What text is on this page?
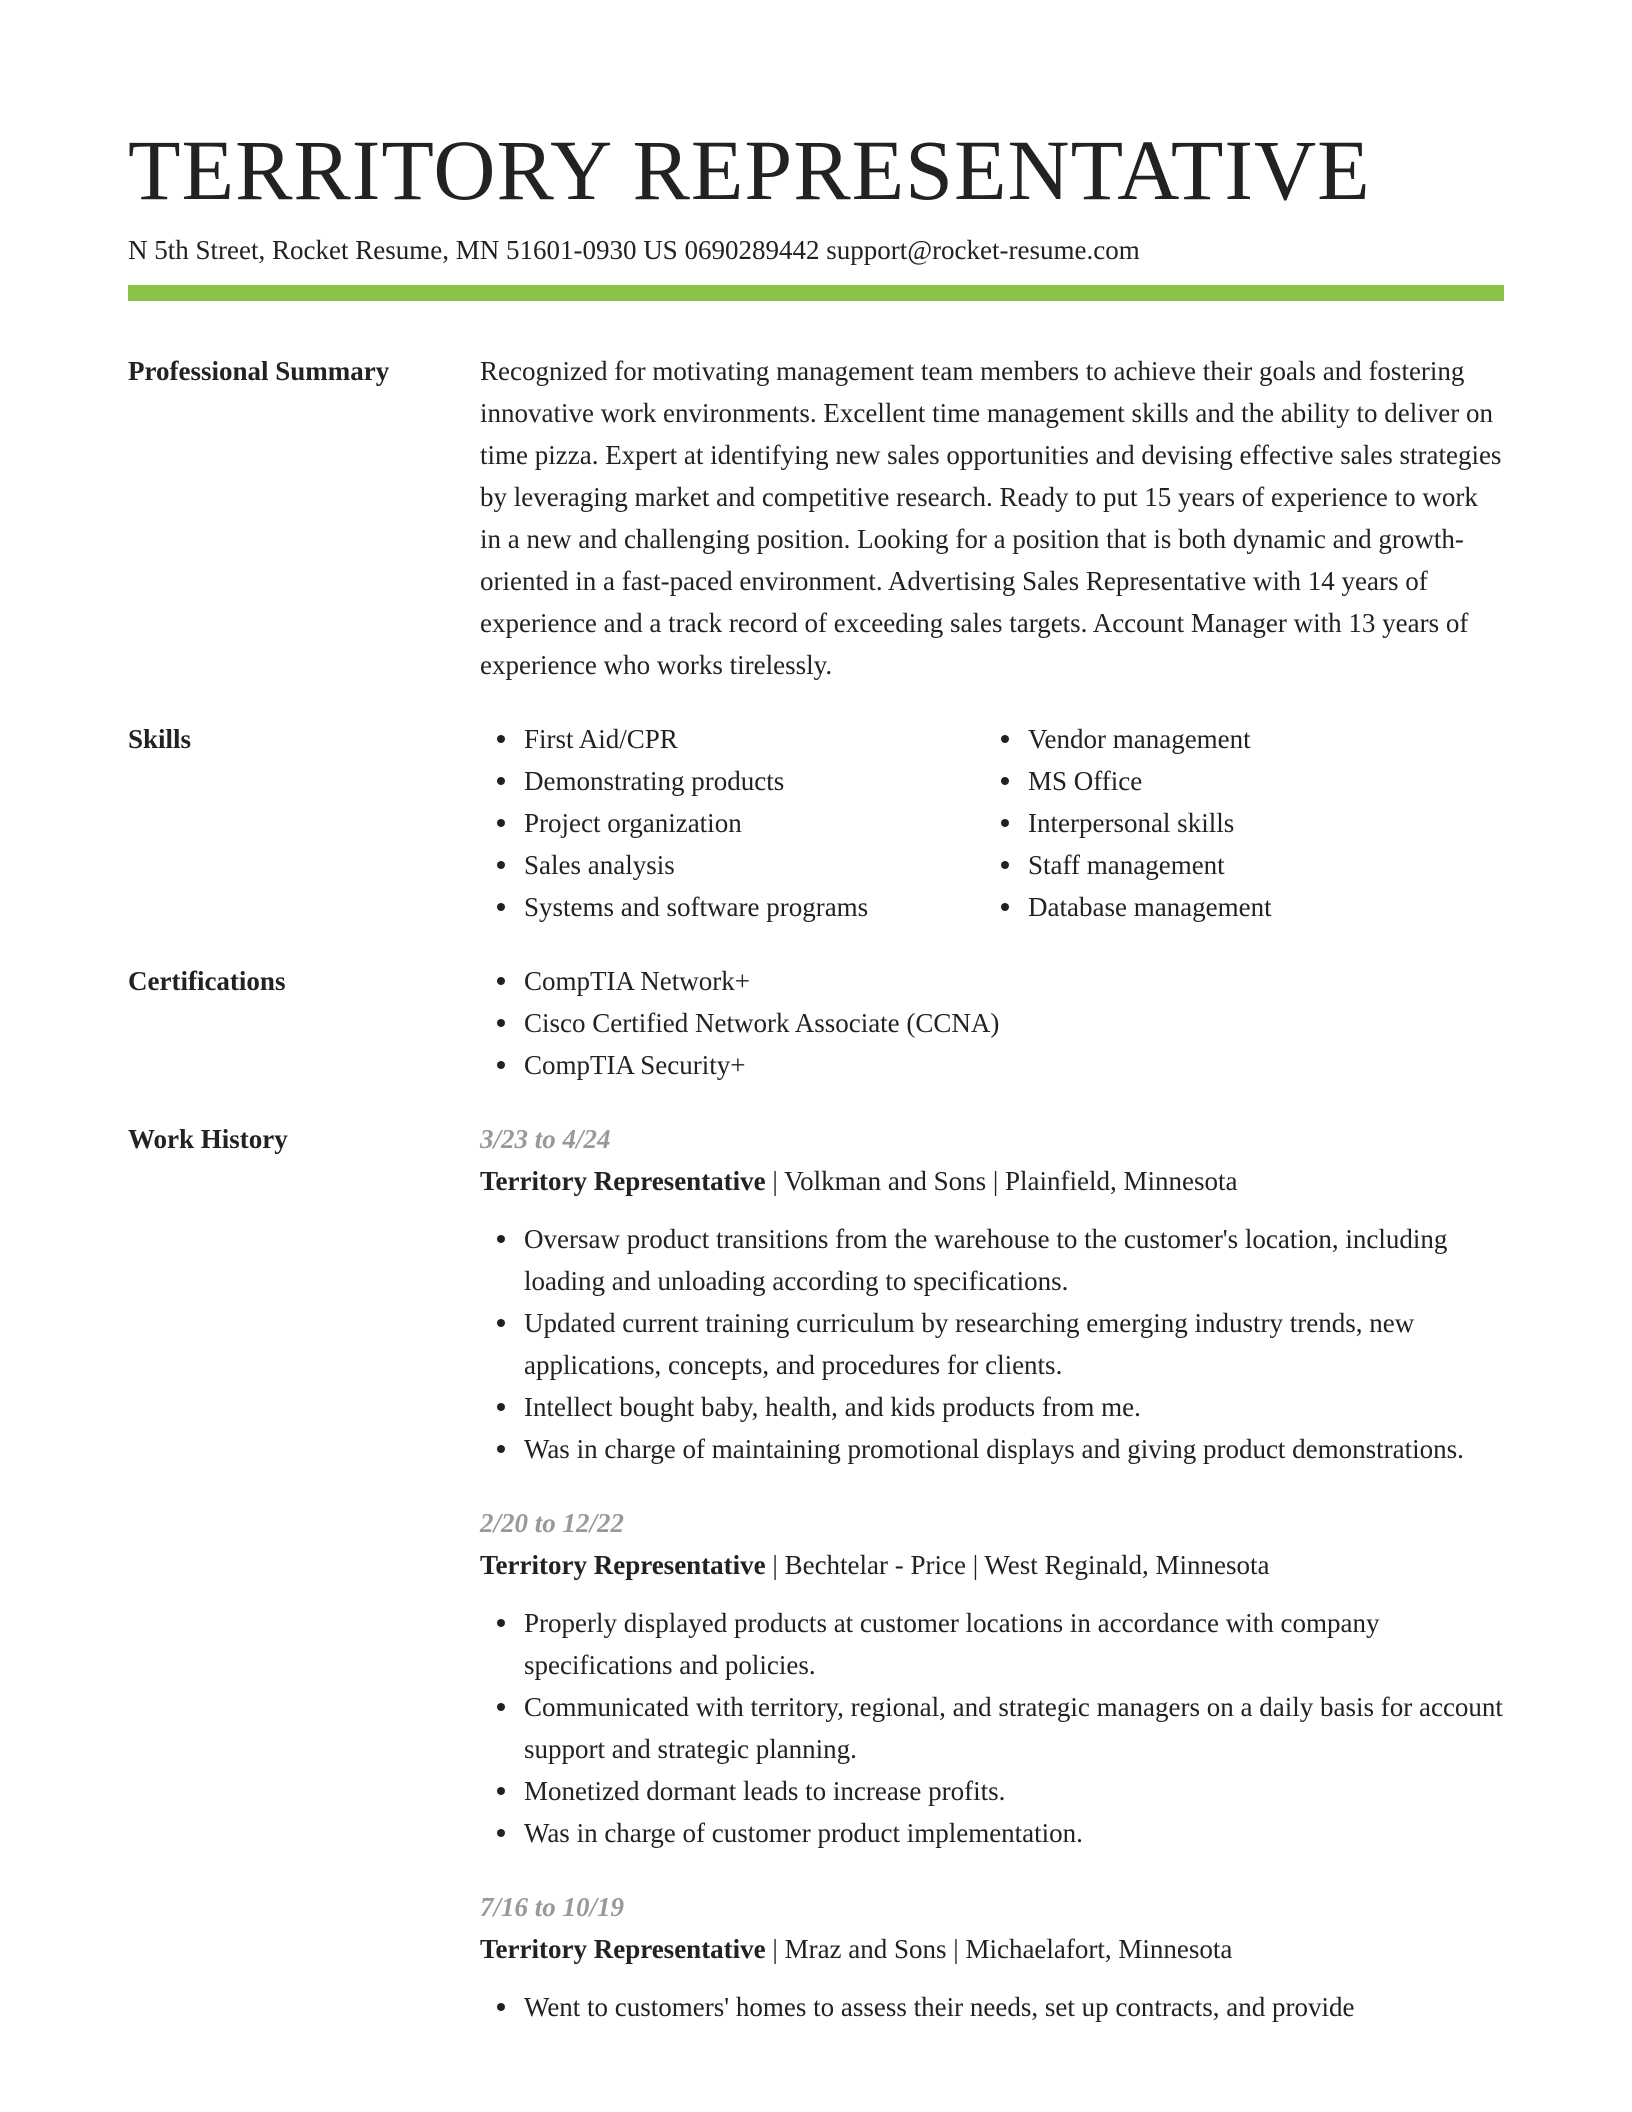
TERRITORY REPRESENTATIVE
N 5th Street, Rocket Resume, MN 51601-0930 US 0690289442 support@rocket-resume.com
Professional Summary	Recognized for motivating management team members to achieve their goals and fostering innovative work environments. Excellent time management skills and the ability to deliver on time pizza. Expert at identifying new sales opportunities and devising effective sales strategies by leveraging market and competitive research. Ready to put 15 years of experience to work in a new and challenging position. Looking for a position that is both dynamic and growth-oriented in a fast-paced environment. Advertising Sales Representative with 14 years of experience and a track record of exceeding sales targets. Account Manager with 13 years of experience who works tirelessly.

Skills	First Aid/CPR
Demonstrating products
Project organization
Sales analysis
Systems and software programs
Vendor management
MS Office
Interpersonal skills
Staff management
Database management
Certifications	CompTIA Network+
Cisco Certified Network Associate (CCNA)
CompTIA Security+
Work History	3/23 to 4/24
Territory Representative | Volkman and Sons | Plainfield, Minnesota
Oversaw product transitions from the warehouse to the customer's location, including loading and unloading according to specifications.
Updated current training curriculum by researching emerging industry trends, new applications, concepts, and procedures for clients.
Intellect bought baby, health, and kids products from me.
Was in charge of maintaining promotional displays and giving product demonstrations.
2/20 to 12/22
Territory Representative | Bechtelar - Price | West Reginald, Minnesota
Properly displayed products at customer locations in accordance with company specifications and policies.
Communicated with territory, regional, and strategic managers on a daily basis for account support and strategic planning.
Monetized dormant leads to increase profits.
Was in charge of customer product implementation.
7/16 to 10/19
Territory Representative | Mraz and Sons | Michaelafort, Minnesota
Went to customers' homes to assess their needs, set up contracts, and provide
